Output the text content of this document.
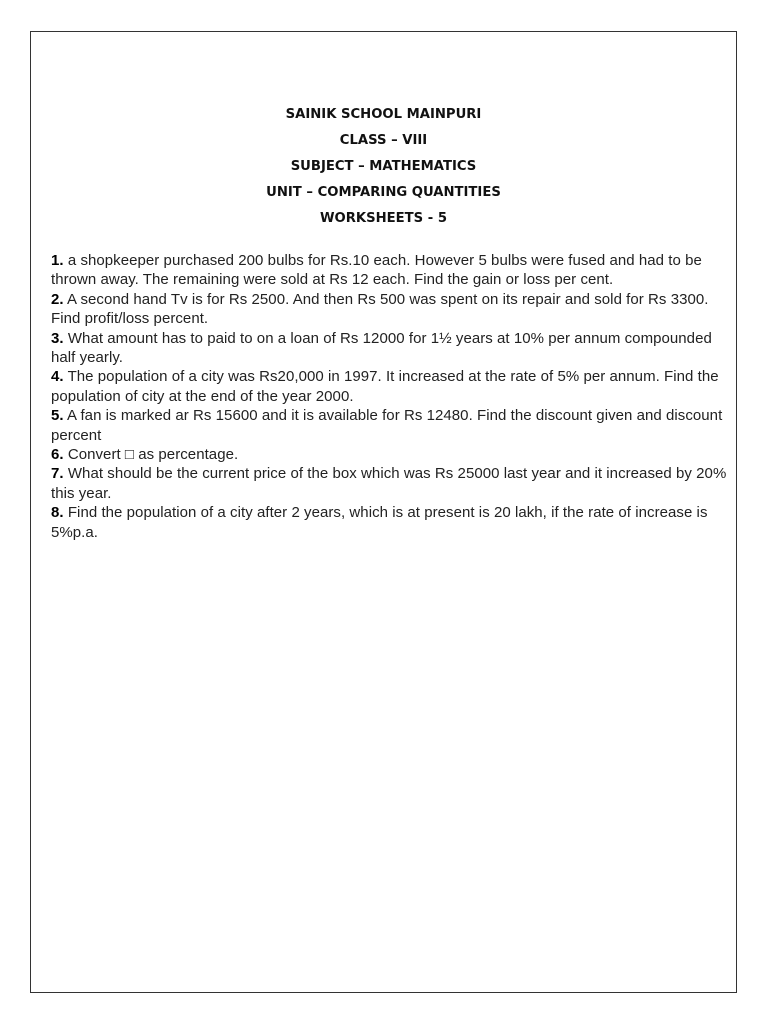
SAINIK SCHOOL MAINPURI
CLASS – VIII
SUBJECT – MATHEMATICS
UNIT – COMPARING QUANTITIES
WORKSHEETS - 5

1. a shopkeeper purchased 200 bulbs for Rs.10 each. However 5 bulbs were fused and had to be thrown away. The remaining were sold at Rs 12 each. Find the gain or loss per cent.

2. A second hand Tv is for Rs 2500. And then Rs 500 was spent on its repair and sold for Rs 3300. Find profit/loss percent.

3. What amount has to paid to on a loan of Rs 12000 for 1½ years at 10% per annum compounded half yearly.

4. The population of a city was Rs20,000 in 1997. It increased at the rate of 5% per annum. Find the population of city at the end of the year 2000.

5. A fan is marked ar Rs 15600 and it is available for Rs 12480. Find the discount given and discount percent

6. Convert □ as percentage.

7. What should be the current price of the box which was Rs 25000 last year and it increased by 20% this year.

8. Find the population of a city after 2 years, which is at present is 20 lakh, if the rate of increase is 5%p.a.
